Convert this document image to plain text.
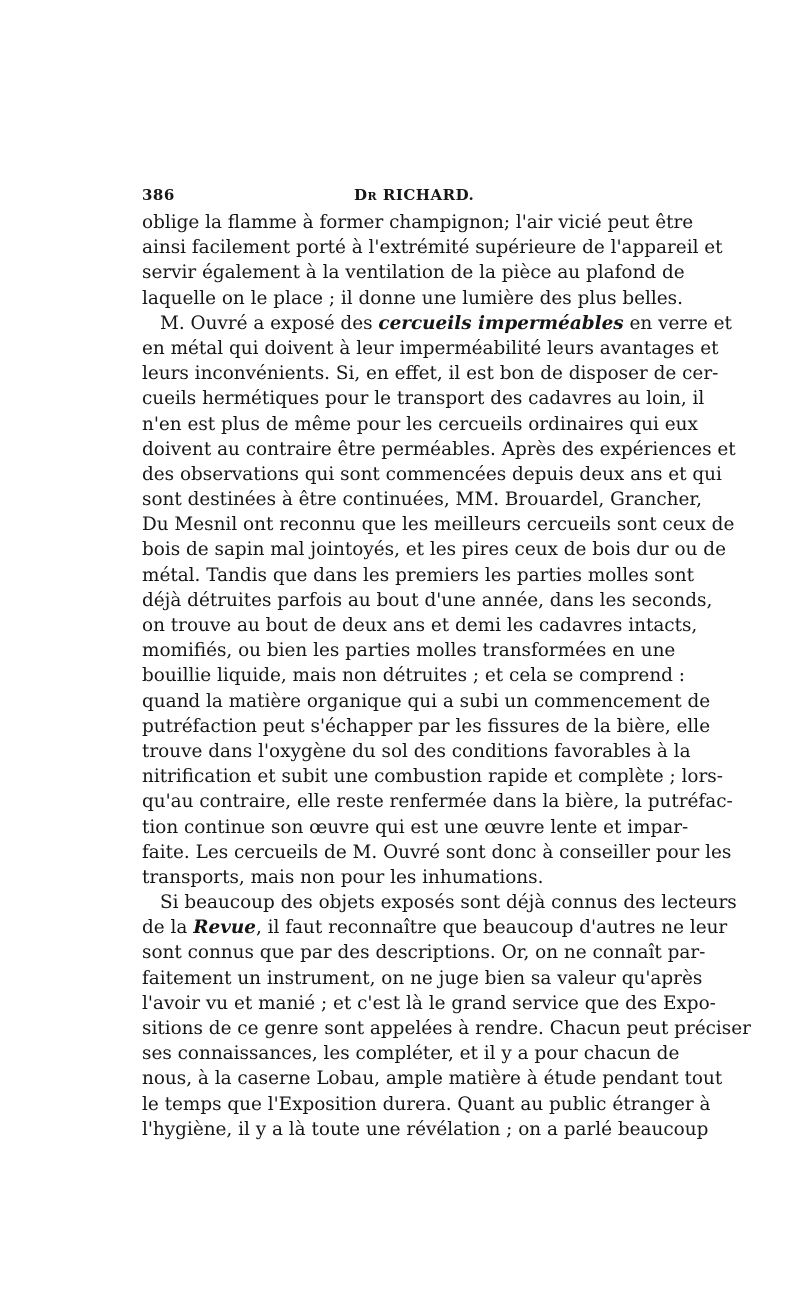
386	Dr RICHARD.
oblige la flamme à former champignon; l'air vicié peut être
ainsi facilement porté à l'extrémité supérieure de l'appareil et
servir également à la ventilation de la pièce au plafond de
laquelle on le place ; il donne une lumière des plus belles.
M. Ouvré a exposé des cercueils imperméables en verre et
en métal qui doivent à leur imperméabilité leurs avantages et
leurs inconvénients. Si, en effet, il est bon de disposer de cer-
cueils hermétiques pour le transport des cadavres au loin, il
n'en est plus de même pour les cercueils ordinaires qui eux
doivent au contraire être perméables. Après des expériences et
des observations qui sont commencées depuis deux ans et qui
sont destinées à être continuées, MM. Brouardel, Grancher,
Du Mesnil ont reconnu que les meilleurs cercueils sont ceux de
bois de sapin mal jointoyés, et les pires ceux de bois dur ou de
métal. Tandis que dans les premiers les parties molles sont
déjà détruites parfois au bout d'une année, dans les seconds,
on trouve au bout de deux ans et demi les cadavres intacts,
momifiés, ou bien les parties molles transformées en une
bouillie liquide, mais non détruites ; et cela se comprend :
quand la matière organique qui a subi un commencement de
putréfaction peut s'échapper par les fissures de la bière, elle
trouve dans l'oxygène du sol des conditions favorables à la
nitrification et subit une combustion rapide et complète ; lors-
qu'au contraire, elle reste renfermée dans la bière, la putréfac-
tion continue son œuvre qui est une œuvre lente et impar-
faite. Les cercueils de M. Ouvré sont donc à conseiller pour les
transports, mais non pour les inhumations.
Si beaucoup des objets exposés sont déjà connus des lecteurs
de la Revue, il faut reconnaître que beaucoup d'autres ne leur
sont connus que par des descriptions. Or, on ne connaît par-
faitement un instrument, on ne juge bien sa valeur qu'après
l'avoir vu et manié ; et c'est là le grand service que des Expo-
sitions de ce genre sont appelées à rendre. Chacun peut préciser
ses connaissances, les compléter, et il y a pour chacun de
nous, à la caserne Lobau, ample matière à étude pendant tout
le temps que l'Exposition durera. Quant au public étranger à
l'hygiène, il y a là toute une révélation ; on a parlé beaucoup
